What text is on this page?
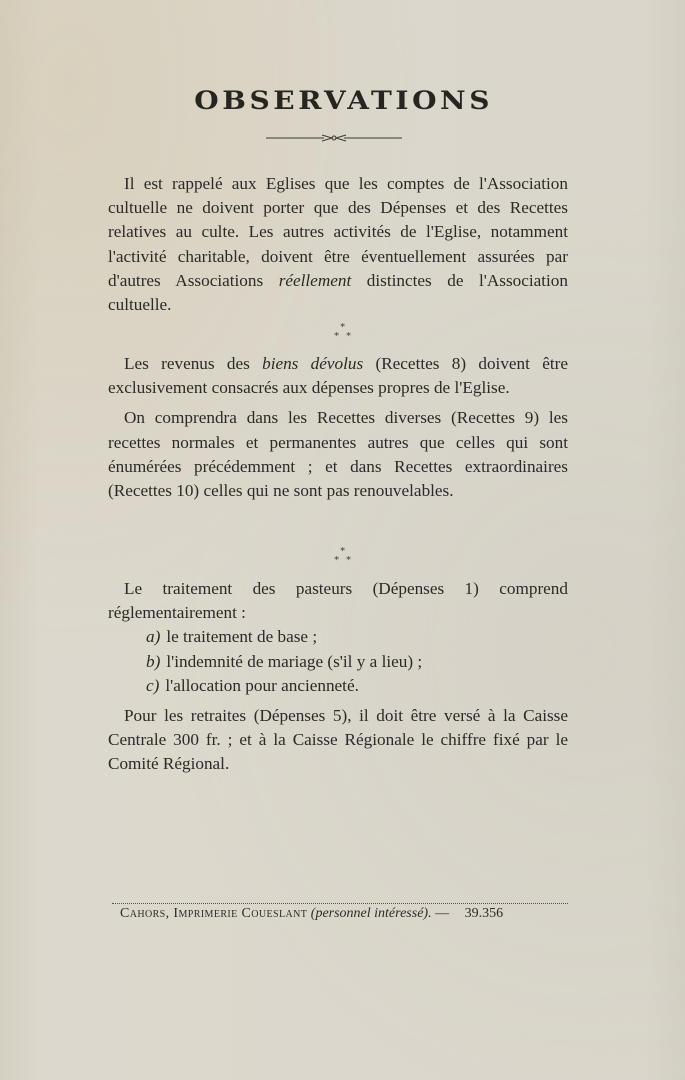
OBSERVATIONS

Il est rappelé aux Eglises que les comptes de l'Association cultuelle ne doivent porter que des Dépenses et des Recettes relatives au culte. Les autres activités de l'Eglise, notamment l'activité charitable, doivent être éventuellement assurées par d'autres Associations réellement distinctes de l'Association cultuelle.

∗
∗  ∗

Les revenus des biens dévolus (Recettes 8) doivent être exclusivement consacrés aux dépenses propres de l'Eglise.

On comprendra dans les Recettes diverses (Recettes 9) les recettes normales et permanentes autres que celles qui sont énumérées précédemment ; et dans Recettes extraordinaires (Recettes 10) celles qui ne sont pas renouvelables.

∗
∗  ∗

Le traitement des pasteurs (Dépenses 1) comprend réglementairement :

a) le traitement de base ;
b) l'indemnité de mariage (s'il y a lieu) ;
c) l'allocation pour ancienneté.

Pour les retraites (Dépenses 5), il doit être versé à la Caisse Centrale 300 fr. ; et à la Caisse Régionale le chiffre fixé par le Comité Régional.

Cahors, Imprimerie Coueslant (personnel intéressé). — 39.356
